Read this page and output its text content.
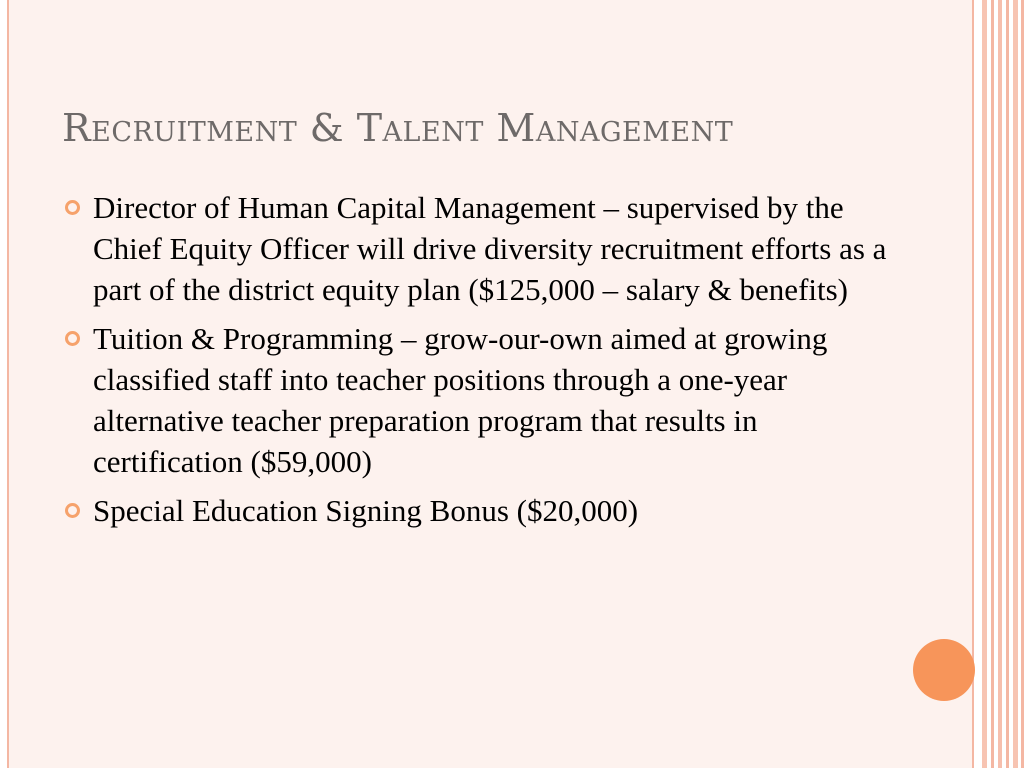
Recruitment & Talent Management
Director of Human Capital Management – supervised by the Chief Equity Officer will drive diversity recruitment efforts as a part of the district equity plan ($125,000 – salary & benefits)
Tuition & Programming – grow-our-own aimed at growing classified staff into teacher positions through a one-year alternative teacher preparation program that results in certification ($59,000)
Special Education Signing Bonus ($20,000)
